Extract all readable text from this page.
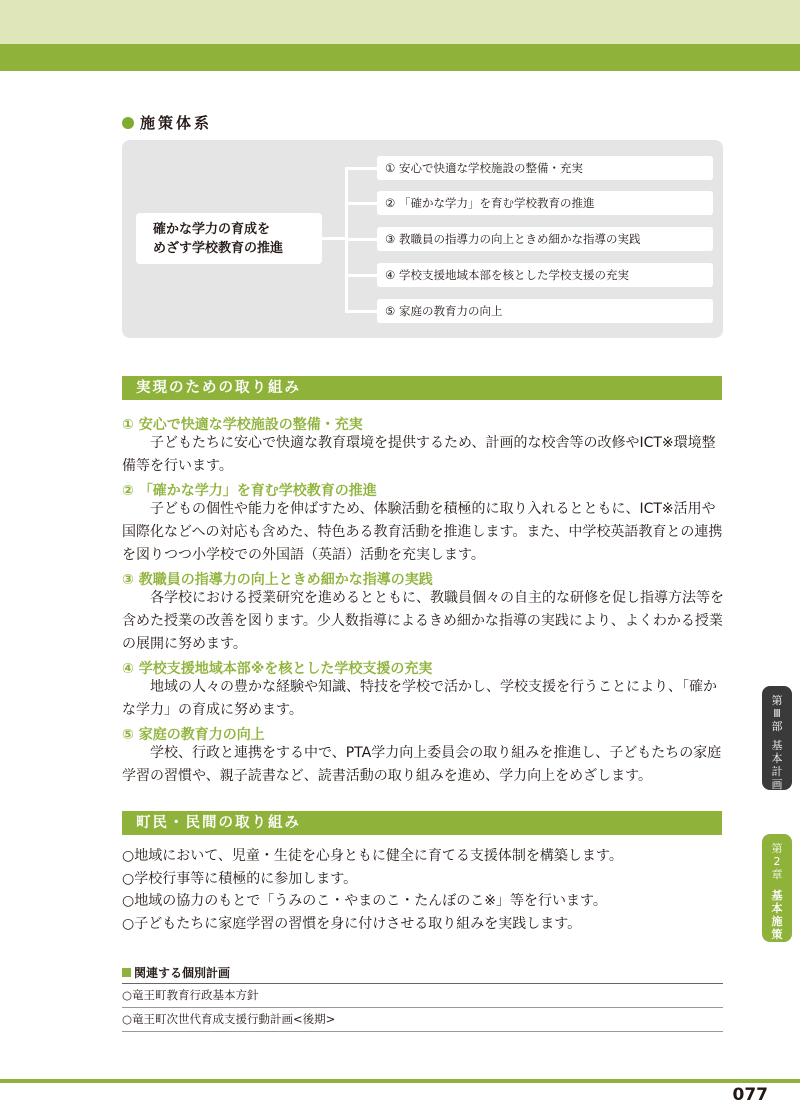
施策体系
確かな学力の育成を
めざす学校教育の推進
① 安心で快適な学校施設の整備・充実
② 「確かな学力」を育む学校教育の推進
③ 教職員の指導力の向上ときめ細かな指導の実践
④ 学校支援地域本部を核とした学校支援の充実
⑤ 家庭の教育力の向上
実現のための取り組み
① 安心で快適な学校施設の整備・充実
子どもたちに安心で快適な教育環境を提供するため、計画的な校舎等の改修やICT※環境整備等を行います。
② 「確かな学力」を育む学校教育の推進
子どもの個性や能力を伸ばすため、体験活動を積極的に取り入れるとともに、ICT※活用や国際化などへの対応も含めた、特色ある教育活動を推進します。また、中学校英語教育との連携を図りつつ小学校での外国語（英語）活動を充実します。
③ 教職員の指導力の向上ときめ細かな指導の実践
各学校における授業研究を進めるとともに、教職員個々の自主的な研修を促し指導方法等を含めた授業の改善を図ります。少人数指導によるきめ細かな指導の実践により、よくわかる授業の展開に努めます。
④ 学校支援地域本部※を核とした学校支援の充実
地域の人々の豊かな経験や知識、特技を学校で活かし、学校支援を行うことにより、「確かな学力」の育成に努めます。
⑤ 家庭の教育力の向上
学校、行政と連携をする中で、PTA学力向上委員会の取り組みを推進し、子どもたちの家庭学習の習慣や、親子読書など、読書活動の取り組みを進め、学力向上をめざします。
町民・民間の取り組み
○地域において、児童・生徒を心身ともに健全に育てる支援体制を構築します。
○学校行事等に積極的に参加します。
○地域の協力のもとで「うみのこ・やまのこ・たんぼのこ※」等を行います。
○子どもたちに家庭学習の習慣を身に付けさせる取り組みを実践します。
関連する個別計画
○竜王町教育行政基本方針
○竜王町次世代育成支援行動計画<後期>
第
Ⅲ
部
基
本
計
画
第
2
章
基
本
施
策
2
077
